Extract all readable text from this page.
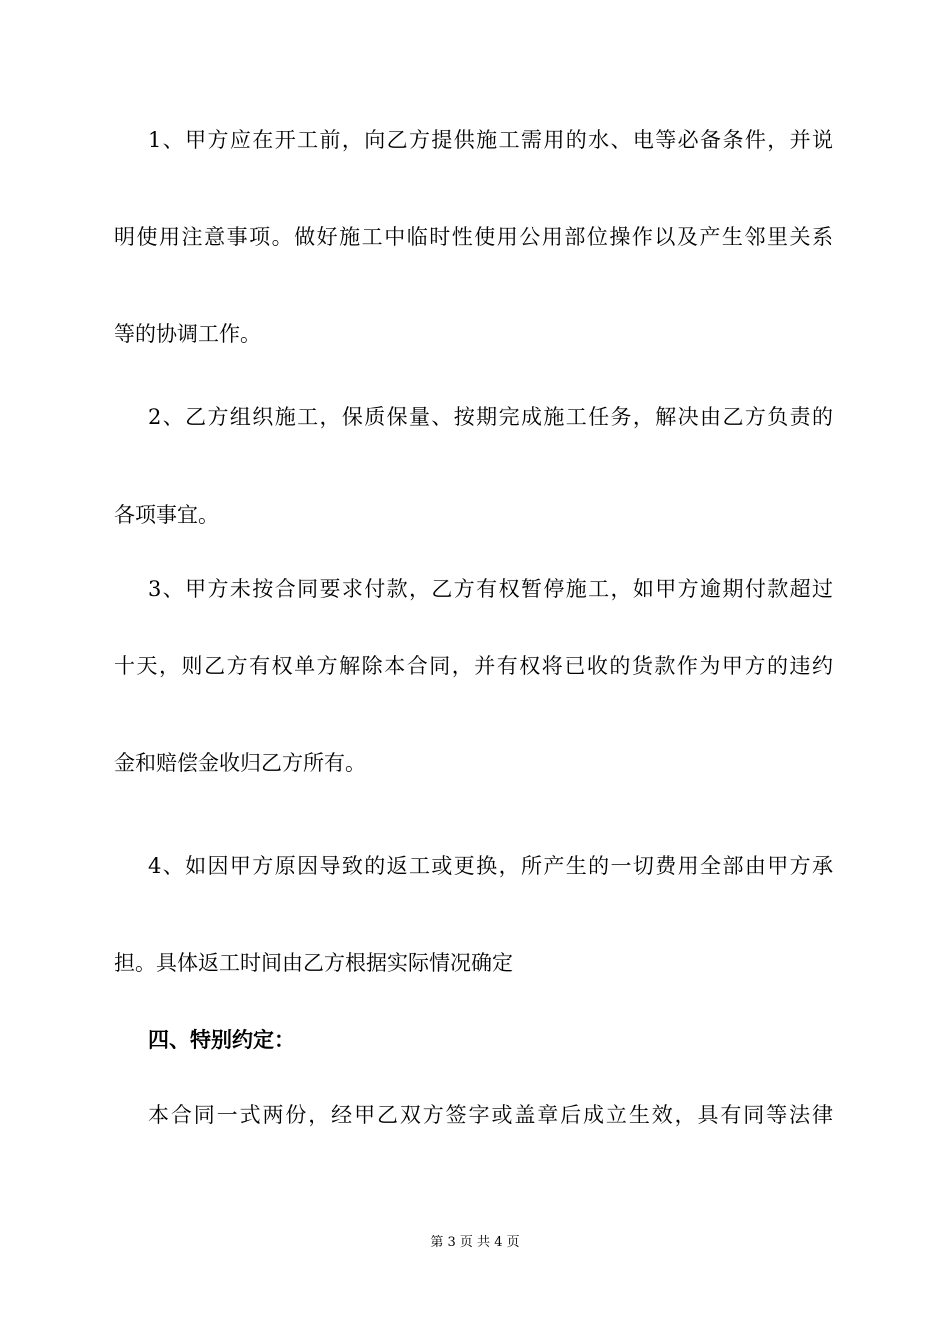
1、甲方应在开工前，向乙方提供施工需用的水、电等必备条件，并说
明使用注意事项。做好施工中临时性使用公用部位操作以及产生邻里关系
等的协调工作。
2、乙方组织施工，保质保量、按期完成施工任务，解决由乙方负责的
各项事宜。
3、甲方未按合同要求付款，乙方有权暂停施工，如甲方逾期付款超过
十天，则乙方有权单方解除本合同，并有权将已收的货款作为甲方的违约
金和赔偿金收归乙方所有。
4、如因甲方原因导致的返工或更换，所产生的一切费用全部由甲方承
担。具体返工时间由乙方根据实际情况确定
四、特别约定：
本合同一式两份，经甲乙双方签字或盖章后成立生效，具有同等法律
第 3 页 共 4 页
